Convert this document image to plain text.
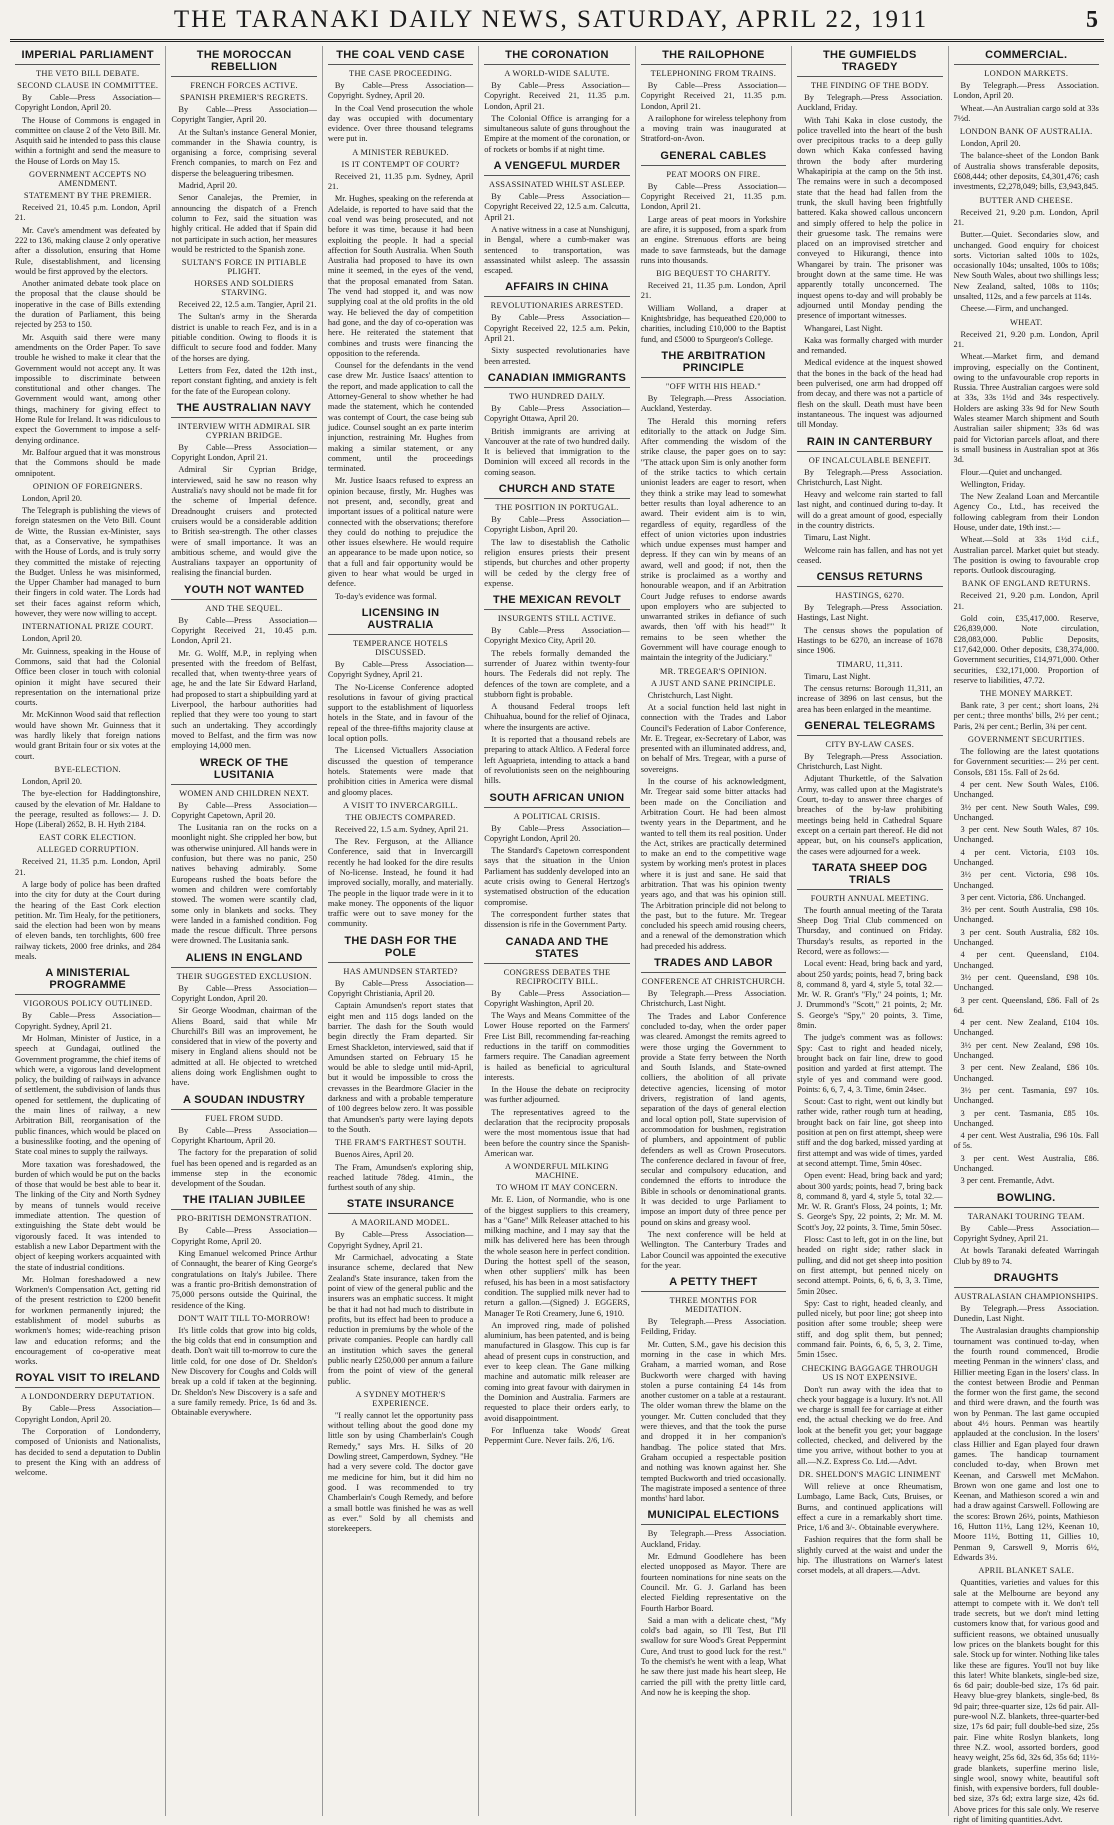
THE TARANAKI DAILY NEWS, SATURDAY, APRIL 22, 1911	5
IMPERIAL PARLIAMENT
THE VETO BILL DEBATE.
SECOND CLAUSE IN COMMITTEE.

By Cable—Press Association—Copyright London, April 20.

The House of Commons is engaged in committee on clause 2 of the Veto Bill. Mr. Asquith said he intended to pass this clause within a fortnight and send the measure to the House of Lords on May 15.

GOVERNMENT ACCEPTS NO AMENDMENT.
STATEMENT BY THE PREMIER.

Received 21, 10.45 p.m. London, April 21.

Mr. Cave's amendment was defeated by 222 to 136, making clause 2 only operative after a dissolution, ensuring that Home Rule, disestablishment, and licensing would be first approved by the electors.

Another animated debate took place on the proposal that the clause should be inoperative in the case of Bills extending the duration of Parliament, this being rejected by 253 to 150.

Mr. Asquith said there were many amendments on the Order Paper. To save trouble he wished to make it clear that the Government would not accept any. It was impossible to discriminate between constitutional and other changes. The Government would want, among other things, machinery for giving effect to Home Rule for Ireland. It was ridiculous to expect the Government to impose a self-denying ordinance.

Mr. Balfour argued that it was monstrous that the Commons should be made omnipotent.

OPINION OF FOREIGNERS.

London, April 20.

The Telegraph is publishing the views of foreign statesmen on the Veto Bill. Count de Witte, the Russian ex-Minister, says that, as a Conservative, he sympathises with the House of Lords, and is truly sorry they committed the mistake of rejecting the Budget. Unless he was misinformed, the Upper Chamber had managed to burn their fingers in cold water. The Lords had set their faces against reform which, however, they were now willing to accept.

INTERNATIONAL PRIZE COURT.

London, April 20.

Mr. Guinness, speaking in the House of Commons, said that had the Colonial Office been closer in touch with colonial opinion it might have secured their representation on the international prize courts.

Mr. McKinnon Wood said that reflection would have shown Mr. Guinness that it was hardly likely that foreign nations would grant Britain four or six votes at the court.

BYE-ELECTION.

London, April 20.

The bye-election for Haddingtonshire, caused by the elevation of Mr. Haldane to the peerage, resulted as follows:— J. D. Hope (Liberal) 2652, B. H. Hyth 2184.

EAST CORK ELECTION.
ALLEGED CORRUPTION.

Received 21, 11.35 p.m. London, April 21.

A large body of police has been drafted into the city for duty at the Court during the hearing of the East Cork election petition. Mr. Tim Healy, for the petitioners, said the election had been won by means of eleven bands, ten torchlights, 600 free railway tickets, 2000 free drinks, and 284 meals.

A MINISTERIAL PROGRAMME
VIGOROUS POLICY OUTLINED.

By Cable—Press Association—Copyright. Sydney, April 21.

Mr Holman, Minister of Justice, in a speech at Gundagai, outlined the Government programme, the chief items of which were, a vigorous land development policy, the building of railways in advance of settlement, the subdivision of lands thus opened for settlement, the duplicating of the main lines of railway, a new Arbitration Bill, reorganisation of the public finances, which would be placed on a businesslike footing, and the opening of State coal mines to supply the railways.

More taxation was foreshadowed, the burden of which would be put on the backs of those that would be best able to bear it. The linking of the City and North Sydney by means of tunnels would receive immediate attention. The question of extinguishing the State debt would be vigorously faced. It was intended to establish a new Labor Department with the object of keeping workers acquainted with the state of industrial conditions.

Mr. Holman foreshadowed a new Workmen's Compensation Act, getting rid of the present restriction to £200 benefit for workmen permanently injured; the establishment of model suburbs as workmen's homes; wide-reaching prison law and education reforms; and the encouragement of co-operative meat works.

ROYAL VISIT TO IRELAND
A LONDONDERRY DEPUTATION.

By Cable—Press Association—Copyright London, April 20.

The Corporation of Londonderry, composed of Unionists and Nationalists, has decided to send a deputation to Dublin to present the King with an address of welcome.

THE MOROCCAN REBELLION
FRENCH FORCES ACTIVE.
SPANISH PREMIER'S REGRETS.

By Cable—Press Association—Copyright Tangier, April 20.

At the Sultan's instance General Monier, commander in the Shawia country, is organising a force, comprising several French companies, to march on Fez and disperse the beleaguering tribesmen.

Madrid, April 20.

Senor Canalejas, the Premier, in announcing the dispatch of a French column to Fez, said the situation was highly critical. He added that if Spain did not participate in such action, her measures would be restricted to the Spanish zone.

SULTAN'S FORCE IN PITIABLE PLIGHT.
HORSES AND SOLDIERS STARVING.

Received 22, 12.5 a.m. Tangier, April 21.

The Sultan's army in the Sherarda district is unable to reach Fez, and is in a pitiable condition. Owing to floods it is difficult to secure food and fodder. Many of the horses are dying.

Letters from Fez, dated the 12th inst., report constant fighting, and anxiety is felt for the fate of the European colony.

THE AUSTRALIAN NAVY
INTERVIEW WITH ADMIRAL SIR CYPRIAN BRIDGE.

By Cable—Press Association—Copyright London, April 21.

Admiral Sir Cyprian Bridge, interviewed, said he saw no reason why Australia's navy should not be made fit for the scheme of Imperial defence. Dreadnought cruisers and protected cruisers would be a considerable addition to British sea-strength. The other classes were of small importance. It was an ambitious scheme, and would give the Australians taxpayer an opportunity of realising the financial burden.

YOUTH NOT WANTED
AND THE SEQUEL.

By Cable—Press Association—Copyright Received 21, 10.45 p.m. London, April 21.

Mr. G. Wolff, M.P., in replying when presented with the freedom of Belfast, recalled that, when twenty-three years of age, he and the late Sir Edward Harland, had proposed to start a shipbuilding yard at Liverpool, the harbour authorities had replied that they were too young to start such an undertaking. They accordingly moved to Belfast, and the firm was now employing 14,000 men.

WRECK OF THE LUSITANIA
WOMEN AND CHILDREN NEXT.

By Cable—Press Association—Copyright Capetown, April 20.

The Lusitania ran on the rocks on a moonlight night. She crippled her bow, but was otherwise uninjured. All hands were in confusion, but there was no panic, 250 natives behaving admirably. Some Europeans rushed the boats before the women and children were comfortably stowed. The women were scantily clad, some only in blankets and socks. They were landed in a famished condition. Fog made the rescue difficult. Three persons were drowned. The Lusitania sank.

ALIENS IN ENGLAND
THEIR SUGGESTED EXCLUSION.

By Cable—Press Association—Copyright London, April 20.

Sir George Woodman, chairman of the Aliens Board, said that while Mr Churchill's Bill was an improvement, he considered that in view of the poverty and misery in England aliens should not be admitted at all. He objected to wretched aliens doing work Englishmen ought to have.

A SOUDAN INDUSTRY
FUEL FROM SUDD.

By Cable—Press Association—Copyright Khartoum, April 20.

The factory for the preparation of solid fuel has been opened and is regarded as an immense step in the economic development of the Soudan.

THE ITALIAN JUBILEE
PRO-BRITISH DEMONSTRATION.

By Cable—Press Association—Copyright Rome, April 20.

King Emanuel welcomed Prince Arthur of Connaught, the bearer of King George's congratulations on Italy's Jubilee. There was a frantic pro-British demonstration of 75,000 persons outside the Quirinal, the residence of the King.

DON'T WAIT TILL TO-MORROW!

It's little colds that grow into big colds, the big colds that end in consumption and death. Don't wait till to-morrow to cure the little cold, for one dose of Dr. Sheldon's New Discovery for Coughs and Colds will break up a cold if taken at the beginning. Dr. Sheldon's New Discovery is a safe and a sure family remedy. Price, 1s 6d and 3s. Obtainable everywhere.

THE COAL VEND CASE
THE CASE PROCEEDING.

By Cable—Press Association—Copyright. Sydney, April 20.

In the Coal Vend prosecution the whole day was occupied with documentary evidence. Over three thousand telegrams were put in.

A MINISTER REBUKED.
IS IT CONTEMPT OF COURT?

Received 21, 11.35 p.m. Sydney, April 21.

Mr. Hughes, speaking on the referenda at Adelaide, is reported to have said that the coal vend was being prosecuted, and not before it was time, because it had been exploiting the people. It had a special affection for South Australia. When South Australia had proposed to have its own mine it seemed, in the eyes of the vend, that the proposal emanated from Satan. The vend had stopped it, and was now supplying coal at the old profits in the old way. He believed the day of competition had gone, and the day of co-operation was here. He reiterated the statement that combines and trusts were financing the opposition to the referenda.

Counsel for the defendants in the vend case drew Mr. Justice Isaacs' attention to the report, and made application to call the Attorney-General to show whether he had made the statement, which he contended was contempt of Court, the case being sub judice. Counsel sought an ex parte interim injunction, restraining Mr. Hughes from making a similar statement, or any comment, until the proceedings terminated.

Mr. Justice Isaacs refused to express an opinion because, firstly, Mr. Hughes was not present, and, secondly, great and important issues of a political nature were connected with the observations; therefore they could do nothing to prejudice the other issues elsewhere. He would require an appearance to be made upon notice, so that a full and fair opportunity would be given to hear what would be urged in defence.

To-day's evidence was formal.

LICENSING IN AUSTRALIA
TEMPERANCE HOTELS DISCUSSED.

By Cable—Press Association—Copyright Sydney, April 21.

The No-License Conference adopted resolutions in favour of giving practical support to the establishment of liquorless hotels in the State, and in favour of the repeal of the three-fifths majority clause at local option polls.

The Licensed Victuallers Association discussed the question of temperance hotels. Statements were made that prohibition cities in America were dismal and gloomy places.

A VISIT TO INVERCARGILL.
THE OBJECTS COMPARED.

Received 22, 1.5 a.m. Sydney, April 21.

The Rev. Ferguson, at the Alliance Conference, said that in Invercargill recently he had looked for the dire results of No-license. Instead, he found it had improved socially, morally, and materially. The people in the liquor trade were in it to make money. The opponents of the liquor traffic were out to save money for the community.

THE DASH FOR THE POLE
HAS AMUNDSEN STARTED?

By Cable—Press Association—Copyright Christiania, April 20.

Captain Amundsen's report states that eight men and 115 dogs landed on the barrier. The dash for the South would begin directly the Fram departed. Sir Ernest Shackleton, interviewed, said that if Amundsen started on February 15 he would be able to sledge until mid-April, but it would be impossible to cross the crevasses in the Beardmore Glacier in the darkness and with a probable temperature of 100 degrees below zero. It was possible that Amundsen's party were laying depots to the South.

THE FRAM'S FARTHEST SOUTH.

Buenos Aires, April 20.

The Fram, Amundsen's exploring ship, reached latitude 78deg. 41min., the furthest south of any ship.

STATE INSURANCE
A MAORILAND MODEL.

By Cable—Press Association—Copyright Sydney, April 21.

Mr Carmichael, advocating a State insurance scheme, declared that New Zealand's State insurance, taken from the point of view of the general public and the insurers was an emphatic success. It might be that it had not had much to distribute in profits, but its effect had been to produce a reduction in premiums by the whole of the private companies. People can hardly call an institution which saves the general public nearly £250,000 per annum a failure from the point of view of the general public.

A SYDNEY MOTHER'S EXPERIENCE.

"I really cannot let the opportunity pass without telling about the good done my little son by using Chamberlain's Cough Remedy," says Mrs. H. Silks of 20 Dowling street, Camperdown, Sydney. "He had a very severe cold. The doctor gave me medicine for him, but it did him no good. I was recommended to try Chamberlain's Cough Remedy, and before a small bottle was finished he was as well as ever." Sold by all chemists and storekeepers.

THE CORONATION
A WORLD-WIDE SALUTE.

By Cable—Press Association—Copyright. Received 21, 11.35 p.m. London, April 21.

The Colonial Office is arranging for a simultaneous salute of guns throughout the Empire at the moment of the coronation, or of rockets or bombs if at night time.

A VENGEFUL MURDER
ASSASSINATED WHILST ASLEEP.

By Cable—Press Association—Copyright Received 22, 12.5 a.m. Calcutta, April 21.

A native witness in a case at Nunshigunj, in Bengal, where a cumb-maker was sentenced to transportation, was assassinated whilst asleep. The assassin escaped.

AFFAIRS IN CHINA
REVOLUTIONARIES ARRESTED.

By Cable—Press Association—Copyright Received 22, 12.5 a.m. Pekin, April 21.

Sixty suspected revolutionaries have been arrested.

CANADIAN IMMIGRANTS
TWO HUNDRED DAILY.

By Cable—Press Association—Copyright Ottawa, April 20.

British immigrants are arriving at Vancouver at the rate of two hundred daily. It is believed that immigration to the Dominion will exceed all records in the coming season.

CHURCH AND STATE
THE POSITION IN PORTUGAL.

By Cable—Press Association—Copyright Lisbon, April 20.

The law to disestablish the Catholic religion ensures priests their present stipends, but churches and other property will be ceded by the clergy free of expense.

THE MEXICAN REVOLT
INSURGENTS STILL ACTIVE.

By Cable—Press Association—Copyright Mexico City, April 20.

The rebels formally demanded the surrender of Juarez within twenty-four hours. The Federals did not reply. The defences of the town are complete, and a stubborn fight is probable.

A thousand Federal troops left Chihuahua, bound for the relief of Ojinaca, where the insurgents are active.

It is reported that a thousand rebels are preparing to attack Altlico. A Federal force left Aguaprieta, intending to attack a band of revolutionists seen on the neighbouring hills.

SOUTH AFRICAN UNION
A POLITICAL CRISIS.

By Cable—Press Association—Copyright London, April 20.

The Standard's Capetown correspondent says that the situation in the Union Parliament has suddenly developed into an acute crisis owing to General Hertzog's systematised obstruction of the education compromise.

The correspondent further states that dissension is rife in the Government Party.

CANADA AND THE STATES
CONGRESS DEBATES THE RECIPROCITY BILL.

By Cable—Press Association—Copyright Washington, April 20.

The Ways and Means Committee of the Lower House reported on the Farmers' Free List Bill, recommending far-reaching reductions in the tariff on commodities farmers require. The Canadian agreement is hailed as beneficial to agricultural interests.

In the House the debate on reciprocity was further adjourned.

The representatives agreed to the declaration that the reciprocity proposals were the most momentous issue that had been before the country since the Spanish-American war.

A WONDERFUL MILKING MACHINE.
TO WHOM IT MAY CONCERN.

Mr. E. Lion, of Normandie, who is one of the biggest suppliers to this creamery, has a "Gane" Milk Releaser attached to his milking machine, and I may say that the milk has delivered here has been through the whole season here in perfect condition. During the hottest spell of the season, when other suppliers' milk has been refused, his has been in a most satisfactory condition. The supplied milk never had to return a gallon.—(Signed) J. EGGERS, Manager Te Roti Creamery, June 6, 1910.

An improved ring, made of polished aluminium, has been patented, and is being manufactured in Glasgow. This cup is far ahead of present cups in construction, and ever to keep clean. The Gane milking machine and automatic milk releaser are coming into great favour with dairymen in the Dominion and Australia. Farmers are requested to place their orders early, to avoid disappointment.

For Influenza take Woods' Great Peppermint Cure. Never fails. 2/6, 1/6.

THE RAILOPHONE
TELEPHONING FROM TRAINS.

By Cable—Press Association—Copyright Received 21, 11.35 p.m. London, April 21.

A railophone for wireless telephony from a moving train was inaugurated at Stratford-on-Avon.

GENERAL CABLES
PEAT MOORS ON FIRE.

By Cable—Press Association—Copyright Received 21, 11.35 p.m. London, April 21.

Large areas of peat moors in Yorkshire are afire, it is supposed, from a spark from an engine. Strenuous efforts are being made to save farmsteads, but the damage runs into thousands.

BIG BEQUEST TO CHARITY.

Received 21, 11.35 p.m. London, April 21.

William Wolland, a draper at Knightsbridge, has bequeathed £20,000 to charities, including £10,000 to the Baptist fund, and £5000 to Spurgeon's College.

THE ARBITRATION PRINCIPLE
"OFF WITH HIS HEAD."

By Telegraph.—Press Association. Auckland, Yesterday.

The Herald this morning refers editorially to the attack on Judge Sim. After commending the wisdom of the strike clause, the paper goes on to say: "The attack upon Sim is only another form of the strike tactics to which certain unionist leaders are eager to resort, when they think a strike may lead to somewhat better results than loyal adherence to an award. Their evident aim is to win, regardless of equity, regardless of the effect of union victories upon industries which undue expenses must hamper and depress. If they can win by means of an award, well and good; if not, then the strike is proclaimed as a worthy and honourable weapon, and if an Arbitration Court Judge refuses to endorse awards upon employers who are subjected to unwarranted strikes in defiance of such awards, then 'off with his head!'" It remains to be seen whether the Government will have courage enough to maintain the integrity of the Judiciary."

MR. TREGEAR'S OPINION.
A JUST AND SANE PRINCIPLE.

Christchurch, Last Night.

At a social function held last night in connection with the Trades and Labor Council's Federation of Labor Conference, Mr. E. Tregear, ex-Secretary of Labor, was presented with an illuminated address, and, on behalf of Mrs. Tregear, with a purse of sovereigns.

In the course of his acknowledgment, Mr. Tregear said some bitter attacks had been made on the Conciliation and Arbitration Court. He had been almost twenty years in the Department, and he wanted to tell them its real position. Under the Act, strikes are practically determined to make an end to the competitive wage system by working men's protest in places where it is just and sane. He said that arbitration. That was his opinion twenty years ago, and that was his opinion still. The Arbitration principle did not belong to the past, but to the future. Mr. Tregear concluded his speech amid rousing cheers, and a renewal of the demonstration which had preceded his address.

TRADES AND LABOR
CONFERENCE AT CHRISTCHURCH.

By Telegraph.—Press Association. Christchurch, Last Night.

The Trades and Labor Conference concluded to-day, when the order paper was cleared. Amongst the remits agreed to were those urging the Government to provide a State ferry between the North and South Islands, and State-owned colliers, the abolition of all private detective agencies, licensing of motor drivers, registration of land agents, separation of the days of general election and local option poll, State supervision of accommodation for bushmen, registration of plumbers, and appointment of public defenders as well as Crown Prosecutors. The conference declared in favour of free, secular and compulsory education, and condemned the efforts to introduce the Bible in schools or denominational grants. It was decided to urge Parliament to impose an import duty of three pence per pound on skins and greasy wool.

The next conference will be held at Wellington. The Canterbury Trades and Labor Council was appointed the executive for the year.

A PETTY THEFT
THREE MONTHS FOR MEDITATION.

By Telegraph.—Press Association. Feilding, Friday.

Mr. Cutten, S.M., gave his decision this morning in the case in which Mrs. Graham, a married woman, and Rose Buckworth were charged with having stolen a purse containing £4 14s from another customer on a table at a restaurant. The older woman threw the blame on the younger. Mr. Cutten concluded that they were thieves, and that the took the purse and dropped it in her companion's handbag. The police stated that Mrs. Graham occupied a respectable position and nothing was known against her. She tempted Buckworth and tried occasionally. The magistrate imposed a sentence of three months' hard labor.

MUNICIPAL ELECTIONS

By Telegraph.—Press Association. Auckland, Friday.

Mr. Edmund Goodlehere has been elected unopposed as Mayor. There are fourteen nominations for nine seats on the Council. Mr. G. J. Garland has been elected Fielding representative on the Fourth Harbor Board.

Said a man with a delicate chest, "My cold's bad again, so I'll Test, But I'll swallow for sure Wood's Great Peppermint Cure, And trust to good luck for the rest." To the chemist's he went with a leap, What he saw there just made his heart sleep, He carried the pill with the pretty little card, And now he is keeping the shop.

THE GUMFIELDS TRAGEDY
THE FINDING OF THE BODY.

By Telegraph.—Press Association. Auckland, Friday.

With Tahi Kaka in close custody, the police travelled into the heart of the bush over precipitous tracks to a deep gully down which Kaka confessed having thrown the body after murdering Whakapiripia at the camp on the 5th inst. The remains were in such a decomposed state that the head had fallen from the trunk, the skull having been frightfully battered. Kaka showed callous unconcern and simply offered to help the police in their gruesome task. The remains were placed on an improvised stretcher and conveyed to Hikurangi, thence into Whangarei by train. The prisoner was brought down at the same time. He was apparently totally unconcerned. The inquest opens to-day and will probably be adjourned until Monday pending the presence of important witnesses.

Whangarei, Last Night.

Kaka was formally charged with murder and remanded.

Medical evidence at the inquest showed that the bones in the back of the head had been pulverised, one arm had dropped off from decay, and there was not a particle of flesh on the skull. Death must have been instantaneous. The inquest was adjourned till Monday.

RAIN IN CANTERBURY
OF INCALCULABLE BENEFIT.

By Telegraph.—Press Association. Christchurch, Last Night.

Heavy and welcome rain started to fall last night, and continued during to-day. It will do a great amount of good, especially in the country districts.

Timaru, Last Night.

Welcome rain has fallen, and has not yet ceased.

CENSUS RETURNS
HASTINGS, 6270.

By Telegraph.—Press Association. Hastings, Last Night.

The census shows the population of Hastings to be 6270, an increase of 1678 since 1906.

TIMARU, 11,311.

Timaru, Last Night.

The census returns: Borough 11,311, an increase of 3896 on last census, but the area has been enlarged in the meantime.

GENERAL TELEGRAMS
CITY BY-LAW CASES.

By Telegraph.—Press Association. Christchurch, Last Night.

Adjutant Thurkettle, of the Salvation Army, was called upon at the Magistrate's Court, to-day to answer three charges of breaches of the by-law prohibiting meetings being held in Cathedral Square except on a certain part thereof. He did not appear, but, on his counsel's application, the cases were adjourned for a week.

TARATA SHEEP DOG TRIALS
FOURTH ANNUAL MEETING.

The fourth annual meeting of the Tarata Sheep Dog Trial Club commenced on Thursday, and continued on Friday. Thursday's results, as reported in the Record, were as follows:—

Local event: Head, bring back and yard, about 250 yards; points, head 7, bring back 8, command 8, yard 4, style 5, total 32.—Mr. W. R. Grant's "Fly," 24 points, 1; Mr. J. Drummond's "Scott," 21 points, 2; Mr. S. George's "Spy," 20 points, 3. Time, 8min.

The judge's comment was as follows: Spy: Cast to right and headed nicely, brought back on fair line, drew to good position and yarded at first attempt. The style of yes and command were good. Points: 6, 6, 7, 4, 3. Time, 6min 24sec.

Scout: Cast to right, went out kindly but rather wide, rather rough turn at heading, brought back on fair line, got sheep into position at pen on first attempt, sheep were stiff and the dog barked, missed yarding at first attempt and was wide of times, yarded at second attempt. Time, 5min 40sec.

Open event: Head, bring back and yard; about 300 yards; points, head 7, bring back 8, command 8, yard 4, style 5, total 32.—Mr. W. R. Grant's Floss, 24 points, 1; Mr. S. George's Spy, 22 points, 2; Mr. M. M. Scott's Joy, 22 points, 3. Time, 5min 50sec.

Floss: Cast to left, got in on the line, but headed on right side; rather slack in pulling, and did not get sheep into position on first attempt, but penned nicely on second attempt. Points, 6, 6, 6, 3, 3. Time, 5min 20sec.

Spy: Cast to right, headed cleanly, and pulled nicely, but poor line; got sheep into position after some trouble; sheep were stiff, and dog split them, but penned; command fair. Points, 6, 6, 5, 3, 2. Time, 5min 15sec.

CHECKING BAGGAGE THROUGH US IS NOT EXPENSIVE.

Don't run away with the idea that to check your baggage is a luxury. It's not. All we charge is small fee for carriage at either end, the actual checking we do free. And look at the benefit you get; your baggage collected, checked, and delivered by the time you arrive, without bother to you at all.—N.Z. Express Co. Ltd.—Advt.

DR. SHELDON'S MAGIC LINIMENT

Will relieve at once Rheumatism, Lumbago, Lame Back, Cuts, Bruises, or Burns, and continued applications will effect a cure in a remarkably short time. Price, 1/6 and 3/-. Obtainable everywhere.

Fashion requires that the form shall be slightly curved at the waist and under the hip. The illustrations on Warner's latest corset models, at all drapers.—Advt.

COMMERCIAL.
LONDON MARKETS.

By Telegraph.—Press Association. London, April 20.

Wheat.—An Australian cargo sold at 33s 7½d.

LONDON BANK OF AUSTRALIA.

London, April 20.

The balance-sheet of the London Bank of Australia shows transferable deposits, £608,444; other deposits, £4,301,476; cash investments, £2,278,049; bills, £3,943,845.

BUTTER AND CHEESE.

Received 21, 9.20 p.m. London, April 21.

Butter.—Quiet. Secondaries slow, and unchanged. Good enquiry for choicest sorts. Victorian salted 100s to 102s, occasionally 104s; unsalted, 100s to 108s; New South Wales, about two shillings less; New Zealand, salted, 108s to 110s; unsalted, 112s, and a few parcels at 114s.

Cheese.—Firm, and unchanged.

WHEAT.

Received 21, 9.20 p.m. London, April 21.

Wheat.—Market firm, and demand improving, especially on the Continent, owing to the unfavourable crop reports in Russia. Three Australian cargoes were sold at 33s, 33s 1½d and 34s respectively. Holders are asking 33s 9d for New South Wales steamer March shipment and South Australian sailer shipment; 33s 6d was paid for Victorian parcels afloat, and there is small business in Australian spot at 36s 3d.

Flour.—Quiet and unchanged.

Wellington, Friday.

The New Zealand Loan and Mercantile Agency Co., Ltd., has received the following cablegram from their London House, under date, 19th inst.:—

Wheat.—Sold at 33s 1½d c.i.f., Australian parcel. Market quiet but steady. The position is owing to favourable crop reports. Outlook discouraging.

BANK OF ENGLAND RETURNS.

Received 21, 9.20 p.m. London, April 21.

Gold coin, £35,417,000. Reserve, £26,839,000. Note circulation, £28,083,000. Public Deposits, £17,642,000. Other deposits, £38,374,000. Government securities, £14,971,000. Other securities, £32,171,000. Proportion of reserve to liabilities, 47.72.

THE MONEY MARKET.

Bank rate, 3 per cent.; short loans, 2¾ per cent.; three months' bills, 2½ per cent.; Paris, 2¾ per cent.; Berlin, 3¾ per cent.

GOVERNMENT SECURITIES.

The following are the latest quotations for Government securities:— 2½ per cent. Consols, £81 15s. Fall of 2s 6d.

4 per cent. New South Wales, £106. Unchanged.

3½ per cent. New South Wales, £99. Unchanged.

3 per cent. New South Wales, 87 10s. Unchanged.

4 per cent. Victoria, £103 10s. Unchanged.

3½ per cent. Victoria, £98 10s. Unchanged.

3 per cent. Victoria, £86. Unchanged.

3½ per cent. South Australia, £98 10s. Unchanged.

3 per cent. South Australia, £82 10s. Unchanged.

4 per cent. Queensland, £104. Unchanged.

3½ per cent. Queensland, £98 10s. Unchanged.

3 per cent. Queensland, £86. Fall of 2s 6d.

4 per cent. New Zealand, £104 10s. Unchanged.

3½ per cent. New Zealand, £98 10s. Unchanged.

3 per cent. New Zealand, £86 10s. Unchanged.

3½ per cent. Tasmania, £97 10s. Unchanged.

3 per cent. Tasmania, £85 10s. Unchanged.

4 per cent. West Australia, £96 10s. Fall of 5s.

3 per cent. West Australia, £86. Unchanged.

3 per cent. Fremantle, Advt.

BOWLING.
TARANAKI TOURING TEAM.

By Cable—Press Association—Copyright Sydney, April 21.

At bowls Taranaki defeated Warringah Club by 89 to 74.

DRAUGHTS
AUSTRALASIAN CHAMPIONSHIPS.

By Telegraph.—Press Association. Dunedin, Last Night.

The Australasian draughts championship tournament was continued to-day, when the fourth round commenced, Brodie meeting Penman in the winners' class, and Hillier meeting Egan in the losers' class. In the contest between Brodie and Penman the former won the first game, the second and third were drawn, and the fourth was won by Penman. The last game occupied about 4½ hours. Penman was heartily applauded at the conclusion. In the losers' class Hillier and Egan played four drawn games. The handicap tournament concluded to-day, when Brown met Keenan, and Carswell met McMahon. Brown won one game and lost one to Keenan, and Mathieson scored a win and had a draw against Carswell. Following are the scores: Brown 26½, points, Mathieson 16, Hutton 11½, Lang 12½, Keenan 10, Moore 11½, Botting 11, Gillies 10, Penman 9, Carswell 9, Morris 6½, Edwards 3½.

APRIL BLANKET SALE.

Quantities, varieties and values for this sale at the Melbourne are beyond any attempt to compete with it. We don't tell trade secrets, but we don't mind letting customers know that, for various good and sufficient reasons, we obtained unusually low prices on the blankets bought for this sale. Stock up for winter. Nothing like tales like these are figures. You'll not buy like this later! White blankets, single-bed size, 6s 6d pair; double-bed size, 17s 6d pair. Heavy blue-grey blankets, single-bed, 8s 9d pair; three-quarter size, 12s 6d pair. All-pure-wool N.Z. blankets, three-quarter-bed size, 17s 6d pair; full double-bed size, 25s pair. Fine white Roslyn blankets, long three N.Z. wool, assorted borders, good heavy weight, 25s 6d, 32s 6d, 35s 6d; 11½-grade blankets, superfine merino lisle, single wool, snowy white, beautiful soft finish, with expensive borders, full double-bed size, 37s 6d; extra large size, 42s 6d. Above prices for this sale only. We reserve right of limiting quantities.Advt.
